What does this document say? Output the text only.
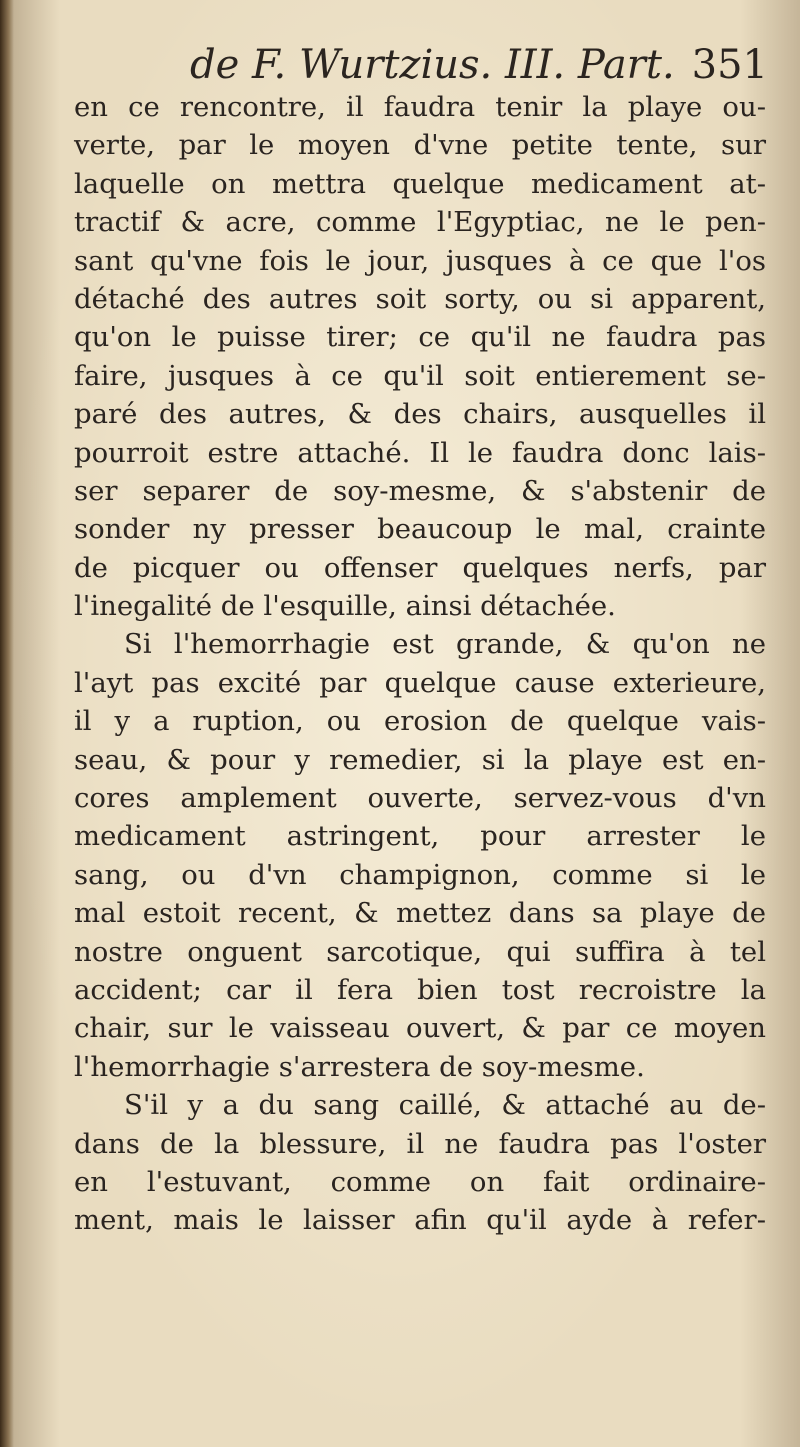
de F. Wurtzius. III. Part. 351
en ce rencontre, il faudra tenir la playe ou-
verte, par le moyen d'vne petite tente, sur
laquelle on mettra quelque medicament at-
tractif & acre, comme l'Egyptiac, ne le pen-
sant qu'vne fois le jour, jusques à ce que l'os
détaché des autres soit sorty, ou si apparent,
qu'on le puisse tirer; ce qu'il ne faudra pas
faire, jusques à ce qu'il soit entierement se-
paré des autres, & des chairs, ausquelles il
pourroit estre attaché. Il le faudra donc lais-
ser separer de soy-mesme, & s'abstenir de
sonder ny presser beaucoup le mal, crainte
de picquer ou offenser quelques nerfs, par
l'inegalité de l'esquille, ainsi détachée.
Si l'hemorrhagie est grande, & qu'on ne
l'ayt pas excité par quelque cause exterieure,
il y a ruption, ou erosion de quelque vais-
seau, & pour y remedier, si la playe est en-
cores amplement ouverte, servez-vous d'vn
medicament astringent, pour arrester le
sang, ou d'vn champignon, comme si le
mal estoit recent, & mettez dans sa playe de
nostre onguent sarcotique, qui suffira à tel
accident; car il fera bien tost recroistre la
chair, sur le vaisseau ouvert, & par ce moyen
l'hemorrhagie s'arrestera de soy-mesme.
S'il y a du sang caillé, & attaché au de-
dans de la blessure, il ne faudra pas l'oster
en l'estuvant, comme on fait ordinaire-
ment, mais le laisser afin qu'il ayde à refer-
